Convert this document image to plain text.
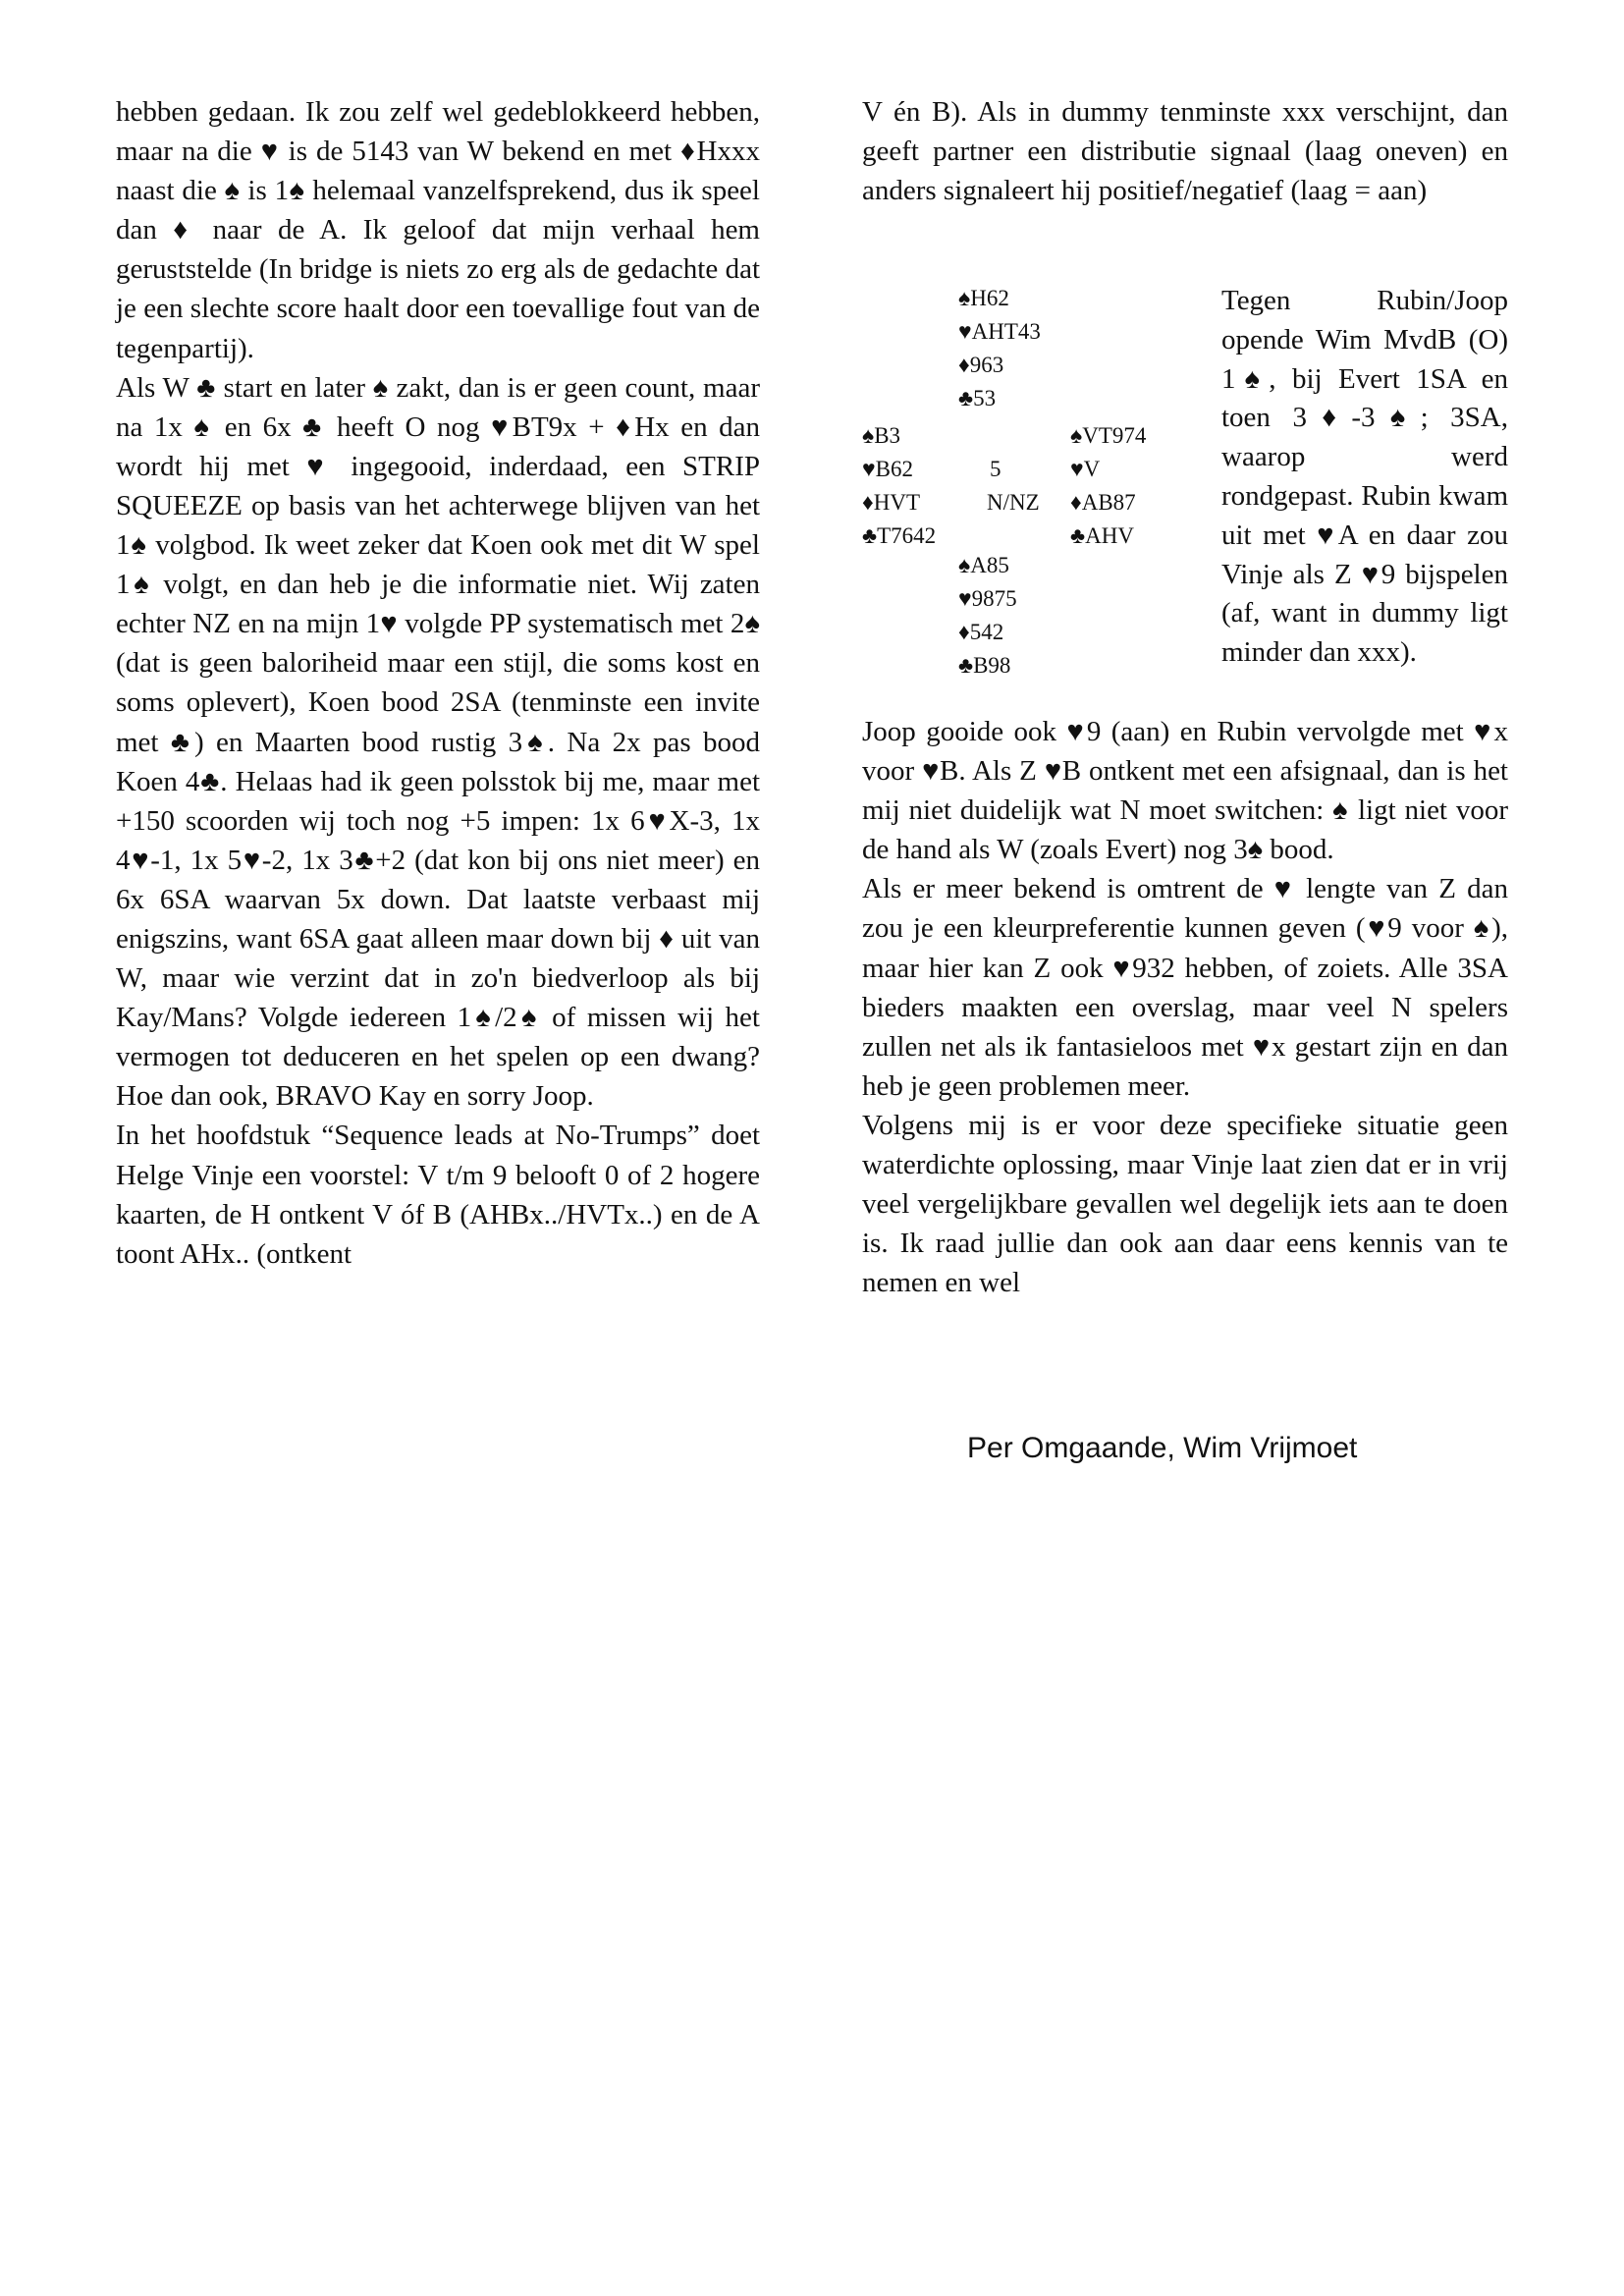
hebben gedaan. Ik zou zelf wel gedeblokkeerd hebben, maar na die ♥ is de 5143 van W bekend en met ♦Hxxx naast die ♠ is 1♠ helemaal vanzelfsprekend, dus ik speel dan ♦ naar de A. Ik geloof dat mijn verhaal hem geruststelde (In bridge is niets zo erg als de gedachte dat je een slechte score haalt door een toevallige fout van de tegenpartij).

Als W ♣ start en later ♠ zakt, dan is er geen count, maar na 1x ♠ en 6x ♣ heeft O nog ♥BT9x + ♦Hx en dan wordt hij met ♥ ingegooid, inderdaad, een STRIP SQUEEZE op basis van het achterwege blijven van het 1♠ volgbod. Ik weet zeker dat Koen ook met dit W spel 1♠ volgt, en dan heb je die informatie niet. Wij zaten echter NZ en na mijn 1♥ volgde PP systematisch met 2♠ (dat is geen baloriheid maar een stijl, die soms kost en soms oplevert), Koen bood 2SA (tenminste een invite met ♣) en Maarten bood rustig 3♠. Na 2x pas bood Koen 4♣. Helaas had ik geen polsstok bij me, maar met +150 scoorden wij toch nog +5 impen: 1x 6♥X-3, 1x 4♥-1, 1x 5♥-2, 1x 3♣+2 (dat kon bij ons niet meer) en 6x 6SA waarvan 5x down. Dat laatste verbaast mij enigszins, want 6SA gaat alleen maar down bij ♦ uit van W, maar wie verzint dat in zo'n biedverloop als bij Kay/Mans? Volgde iedereen 1♠/2♠ of missen wij het vermogen tot deduceren en het spelen op een dwang? Hoe dan ook, BRAVO Kay en sorry Joop.

In het hoofdstuk “Sequence leads at No-Trumps” doet Helge Vinje een voorstel: V t/m 9 belooft 0 of 2 hogere kaarten, de H ontkent V óf B (AHBx../HVTx..) en de A toont AHx.. (ontkent

V én B). Als in dummy tenminste xxx verschijnt, dan geeft partner een distributie signaal (laag oneven) en anders signaleert hij positief/negatief (laag = aan)

♠H62
♥AHT43
♦963
♣53
♠B3
♥B62
♦HVT
♣T7642
5
N/NZ
♠VT974
♥V
♦AB87
♣AHV
♠A85
♥9875
♦542
♣B98

Tegen Rubin/Joop opende Wim MvdB (O) 1♠, bij Evert 1SA en toen 3♦-3♠; 3SA, waarop werd rondgepast. Rubin kwam uit met ♥A en daar zou Vinje als Z ♥9 bijspelen (af, want in dummy ligt minder dan xxx).

Joop gooide ook ♥9 (aan) en Rubin vervolgde met ♥x voor ♥B. Als Z ♥B ontkent met een afsignaal, dan is het mij niet duidelijk wat N moet switchen: ♠ ligt niet voor de hand als W (zoals Evert) nog 3♠ bood.

Als er meer bekend is omtrent de ♥ lengte van Z dan zou je een kleurpreferentie kunnen geven (♥9 voor ♠), maar hier kan Z ook ♥932 hebben, of zoiets. Alle 3SA bieders maakten een overslag, maar veel N spelers zullen net als ik fantasieloos met ♥x gestart zijn en dan heb je geen problemen meer.

Volgens mij is er voor deze specifieke situatie geen waterdichte oplossing, maar Vinje laat zien dat er in vrij veel vergelijkbare gevallen wel degelijk iets aan te doen is. Ik raad jullie dan ook aan daar eens kennis van te nemen en wel

Per Omgaande, Wim Vrijmoet
